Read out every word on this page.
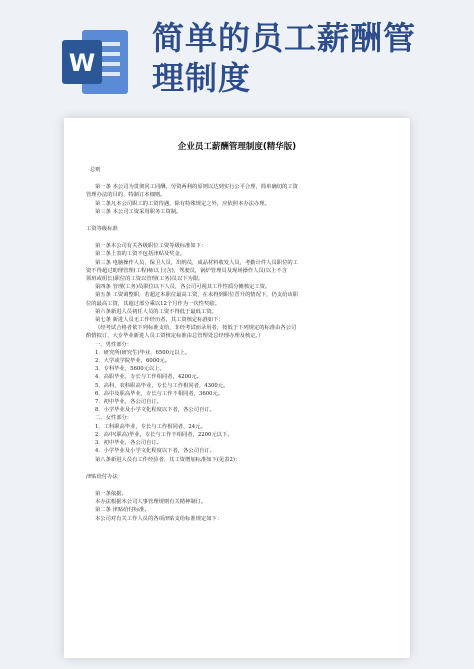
W
简单的员工薪酬管
理制度
企业员工薪酬管理制度(精华版)

总则

第一条 本公司为贯彻同工同酬，劳资两利的原则以达到实行公平合理，简单确切的工资

管理办法的目的，特制订本细则。

第二条凡本公司职工的工资待遇，除有特殊规定之外，应依照本办法办理。

第三条 本公司工资采用职务工资制。

工资等级标准

第一条本公司有关各级职位工资等级标准如下：

第二条上表的工资不包括津贴及奖金。

第三条 电脑操作人员，保卫人员，出纳员，成品材料收发人员，考勤计件人员职位的工

资不得超过助理管理(工程)师以上(含)，驾驶员，锅炉管理员及现场操作人员(以上不含

领班或组长)职位的工资以管理(工务)员以下为限。

第四条 管理(工务)员职位以下人员，各公司可视其工作性质分摊核定工资。

第五条 工资调整职，若超过本职位最高工资，在未得到职位晋升的情况下，仍支给该职

位的最高工资，其超过部分乘以12个月作为一次性奖励。

第六条新进人员初任人员的工资不得低于最低工资。

第七条 新进人员无工作经历者，其工资核定标准如下：

（经考试合格者依下列标准支给，非经考试而录用者，按低于下列规定的标准由各公司

酌情拟订，大专毕业新进人员工资核定标准由总管理处总经理办理及核定。）

一、男性部分：

1．研究所(研究生)毕业，6500元以上。

2．大学或学院毕业，6000元。

3．专科毕业，5600元以上。

4．高职毕业，专长与工作相同者，4200元。

5．高科，农科职高毕业，专长与工作相同者，4300元。

6．高中及职高毕业，专长与工作不相同者，3600元。

7．初中毕业，各公司自订。

8．小学毕业及小学文化程度以下者，各公司自订。

二、女性部分：

1．工科职高毕业，专长与工作相同者，24元。

2．高中(职高)毕业，专长与工作不相同者，2200元以下。

3．初中毕业，各公司自订。

4．小学毕业及小学文化程度以下者，各公司自订。

第八条新进人员有工作经验者，其工资增加标准如下(见表2)：

津贴给付办法

第一条依据。

本办法根据本公司人事管理规则有关精神制订。

第二条 津贴给付标准。

本公司对有关工作人员的各项津贴支给标准规定如下：
